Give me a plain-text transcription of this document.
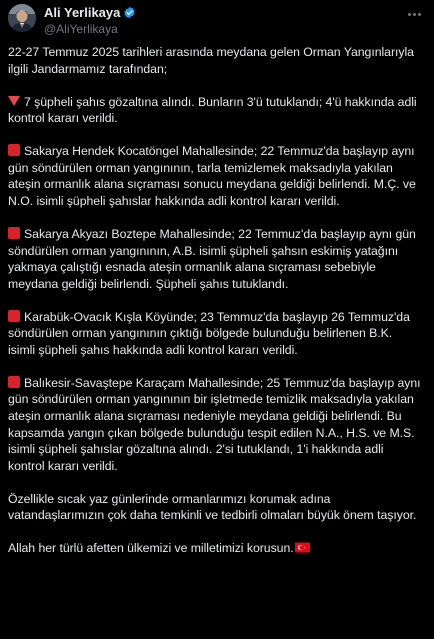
Ali Yerlikaya
@AliYerlikaya

22-27 Temmuz 2025 tarihleri arasında meydana gelen Orman Yangınlarıyla ilgili Jandarmamız tarafından;

7 şüpheli şahıs gözaltına alındı. Bunların 3'ü tutuklandı; 4'ü hakkında adli kontrol kararı verildi.

Sakarya Hendek Kocatöngel Mahallesinde; 22 Temmuz'da başlayıp aynı gün söndürülen orman yangınının, tarla temizlemek maksadıyla yakılan ateşin ormanlık alana sıçraması sonucu meydana geldiği belirlendi. M.Ç. ve N.O. isimli şüpheli şahıslar hakkında adli kontrol kararı verildi.

Sakarya Akyazı Boztepe Mahallesinde; 22 Temmuz'da başlayıp aynı gün söndürülen orman yangınının, A.B. isimli şüpheli şahsın eskimiş yatağını yakmaya çalıştığı esnada ateşin ormanlık alana sıçraması sebebiyle meydana geldiği belirlendi. Şüpheli şahıs tutuklandı.

Karabük-Ovacık Kışla Köyünde; 23 Temmuz'da başlayıp 26 Temmuz'da söndürülen orman yangınının çıktığı bölgede bulunduğu belirlenen B.K. isimli şüpheli şahıs hakkında adli kontrol kararı verildi.

Balıkesir-Savaştepe Karaçam Mahallesinde; 25 Temmuz'da başlayıp aynı gün söndürülen orman yangınının bir işletmede temizlik maksadıyla yakılan ateşin ormanlık alana sıçraması nedeniyle meydana geldiği belirlendi. Bu kapsamda yangın çıkan bölgede bulunduğu tespit edilen N.A., H.S. ve M.S. isimli şüpheli şahıslar gözaltına alındı. 2'si tutuklandı, 1'i hakkında adli kontrol kararı verildi.

Özellikle sıcak yaz günlerinde ormanlarımızı korumak adına vatandaşlarımızın çok daha temkinli ve tedbirli olmaları büyük önem taşıyor.

Allah her türlü afetten ülkemizi ve milletimizi korusun.
